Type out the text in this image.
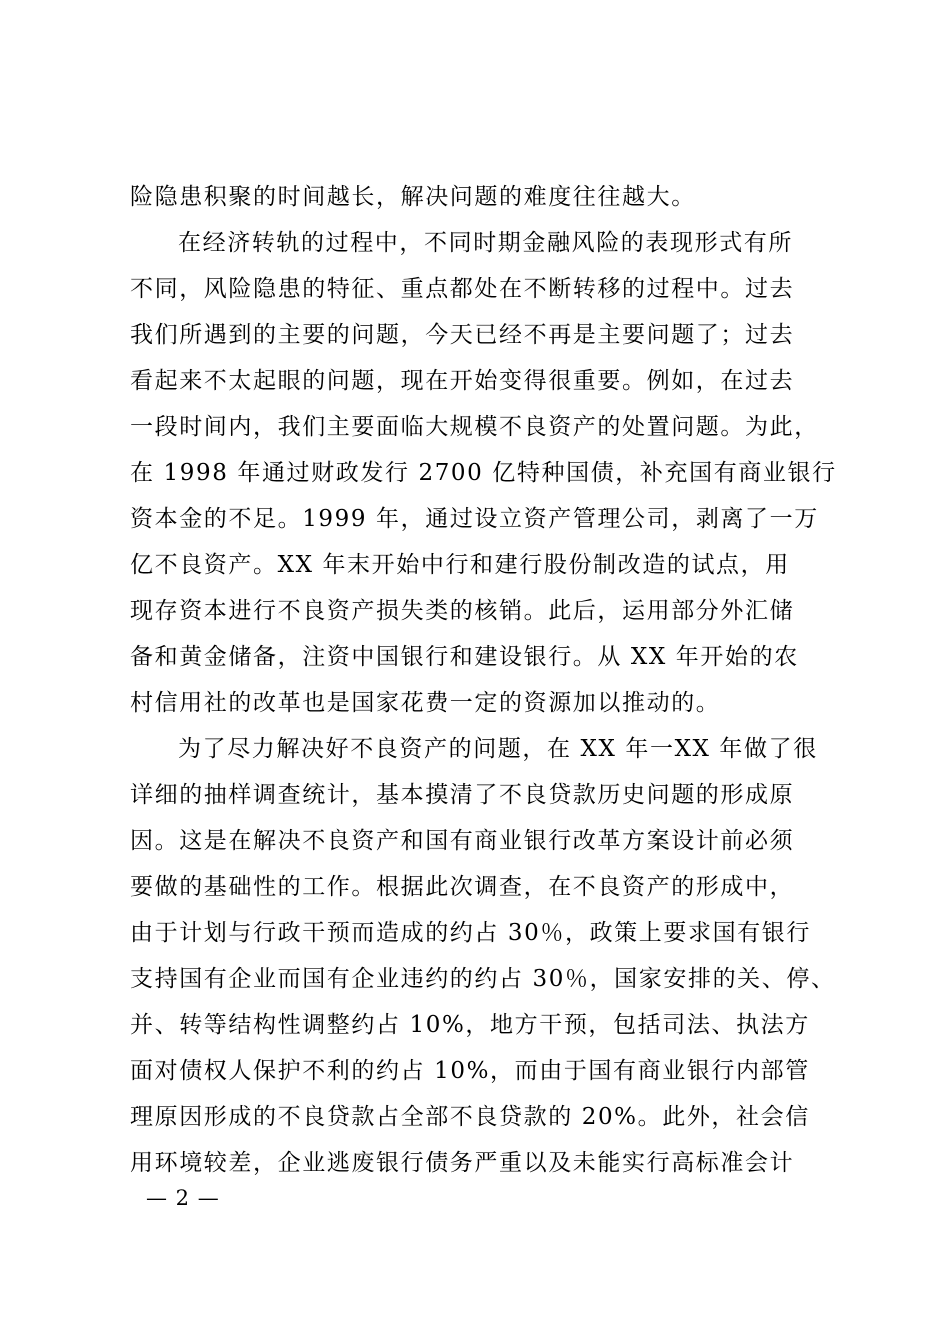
险隐患积聚的时间越长，解决问题的难度往往越大。
在经济转轨的过程中，不同时期金融风险的表现形式有所
不同，风险隐患的特征、重点都处在不断转移的过程中。过去
我们所遇到的主要的问题，今天已经不再是主要问题了；过去
看起来不太起眼的问题，现在开始变得很重要。例如，在过去
一段时间内，我们主要面临大规模不良资产的处置问题。为此，
在 1998 年通过财政发行 2700 亿特种国债，补充国有商业银行
资本金的不足。1999 年，通过设立资产管理公司，剥离了一万
亿不良资产。XX 年末开始中行和建行股份制改造的试点，用
现存资本进行不良资产损失类的核销。此后，运用部分外汇储
备和黄金储备，注资中国银行和建设银行。从 XX 年开始的农
村信用社的改革也是国家花费一定的资源加以推动的。
为了尽力解决好不良资产的问题，在 XX 年一XX 年做了很
详细的抽样调查统计，基本摸清了不良贷款历史问题的形成原
因。这是在解决不良资产和国有商业银行改革方案设计前必须
要做的基础性的工作。根据此次调查，在不良资产的形成中，
由于计划与行政干预而造成的约占 30％，政策上要求国有银行
支持国有企业而国有企业违约的约占 30％，国家安排的关、停、
并、转等结构性调整约占 10%，地方干预，包括司法、执法方
面对债权人保护不利的约占 10%，而由于国有商业银行内部管
理原因形成的不良贷款占全部不良贷款的 20%。此外，社会信
用环境较差，企业逃废银行债务严重以及未能实行高标准会计
— 2 —
